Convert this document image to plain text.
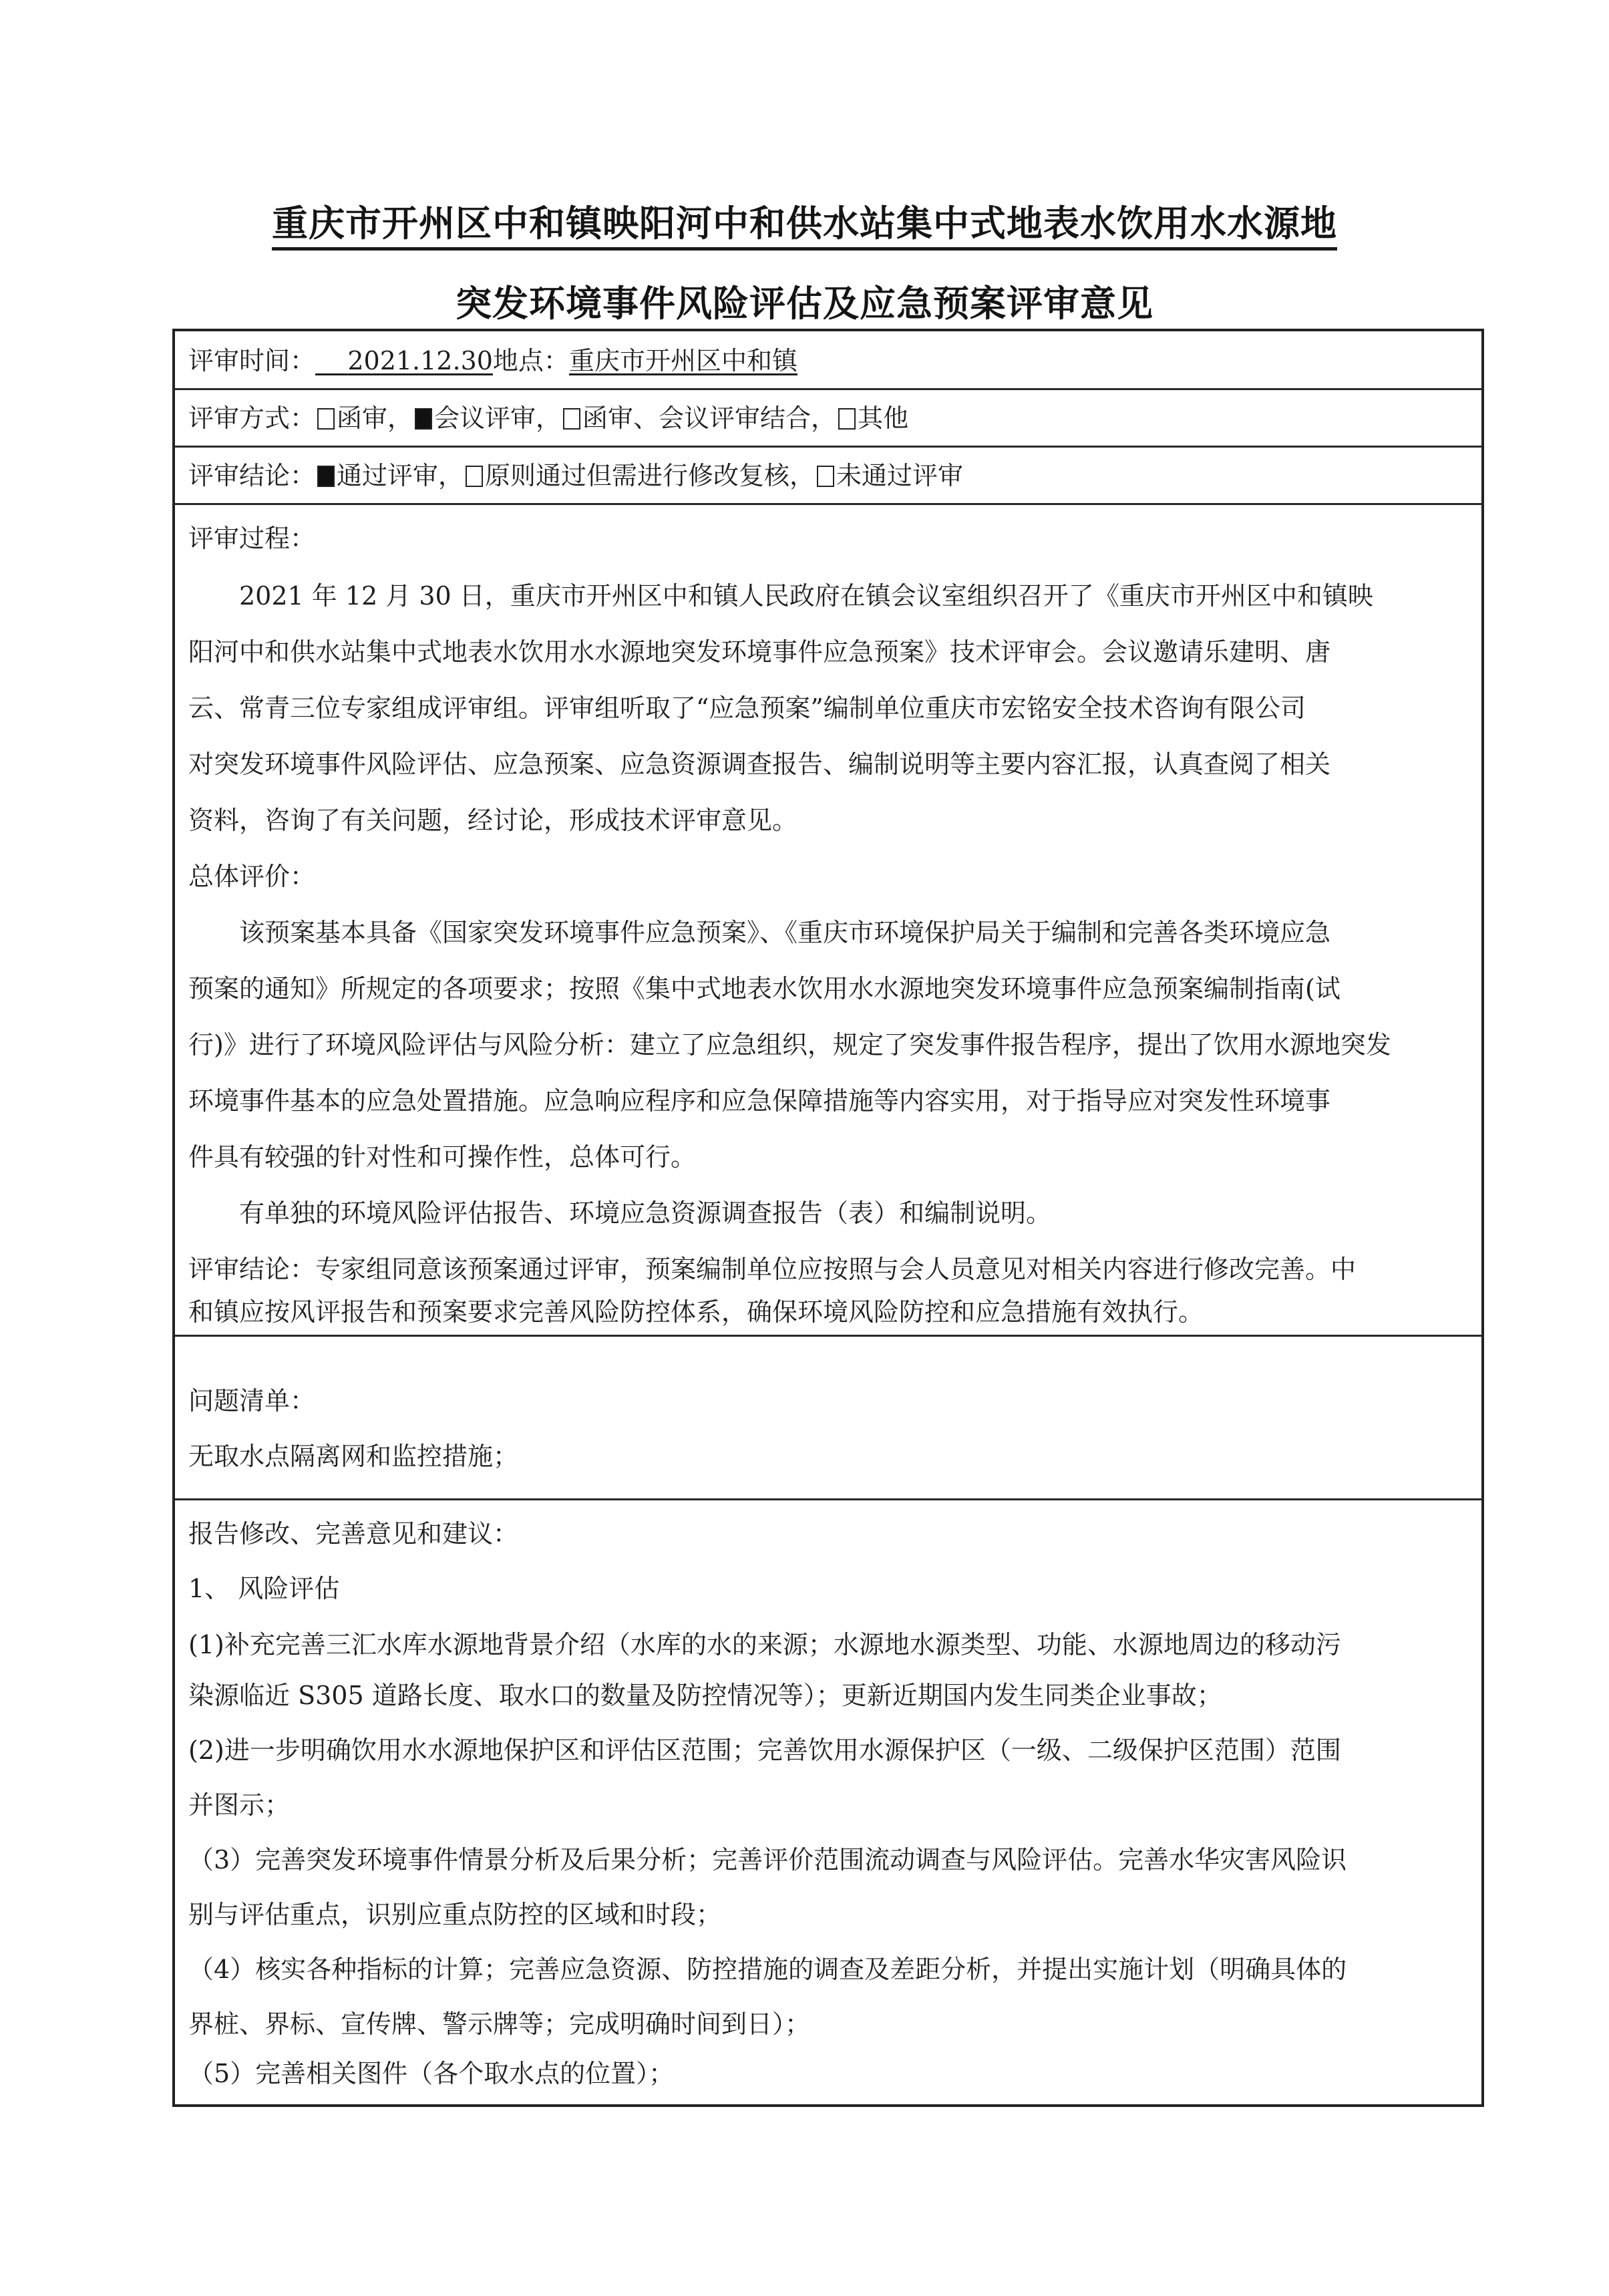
重庆市开州区中和镇映阳河中和供水站集中式地表水饮用水水源地
突发环境事件风险评估及应急预案评审意见
评审时间： 2021.12.30地点：重庆市开州区中和镇
评审方式： 函审， 会议评审， 函审、会议评审结合， 其他
评审结论： 通过评审， 原则通过但需进行修改复核， 未通过评审
评审过程：
2021 年 12 月 30 日，重庆市开州区中和镇人民政府在镇会议室组织召开了《重庆市开州区中和镇映
阳河中和供水站集中式地表水饮用水水源地突发环境事件应急预案》技术评审会。会议邀请乐建明、唐
云、常青三位专家组成评审组。评审组听取了“应急预案”编制单位重庆市宏铭安全技术咨询有限公司
对突发环境事件风险评估、应急预案、应急资源调查报告、编制说明等主要内容汇报，认真查阅了相关
资料，咨询了有关问题，经讨论，形成技术评审意见。
总体评价：
该预案基本具备《国家突发环境事件应急预案》、《重庆市环境保护局关于编制和完善各类环境应急
预案的通知》所规定的各项要求；按照《集中式地表水饮用水水源地突发环境事件应急预案编制指南(试
行)》进行了环境风险评估与风险分析：建立了应急组织，规定了突发事件报告程序，提出了饮用水源地突发
环境事件基本的应急处置措施。应急响应程序和应急保障措施等内容实用，对于指导应对突发性环境事
件具有较强的针对性和可操作性，总体可行。
有单独的环境风险评估报告、环境应急资源调查报告（表）和编制说明。
评审结论：专家组同意该预案通过评审，预案编制单位应按照与会人员意见对相关内容进行修改完善。中
和镇应按风评报告和预案要求完善风险防控体系，确保环境风险防控和应急措施有效执行。
问题清单：
无取水点隔离网和监控措施；
报告修改、完善意见和建议：
1、 风险评估
(1)补充完善三汇水库水源地背景介绍（水库的水的来源；水源地水源类型、功能、水源地周边的移动污
染源临近 S305 道路长度、取水口的数量及防控情况等）；更新近期国内发生同类企业事故；
(2)进一步明确饮用水水源地保护区和评估区范围；完善饮用水源保护区（一级、二级保护区范围）范围
并图示；
（3）完善突发环境事件情景分析及后果分析；完善评价范围流动调查与风险评估。完善水华灾害风险识
别与评估重点，识别应重点防控的区域和时段；
（4）核实各种指标的计算；完善应急资源、防控措施的调查及差距分析，并提出实施计划（明确具体的
界桩、界标、宣传牌、警示牌等；完成明确时间到日）；
（5）完善相关图件（各个取水点的位置）；
